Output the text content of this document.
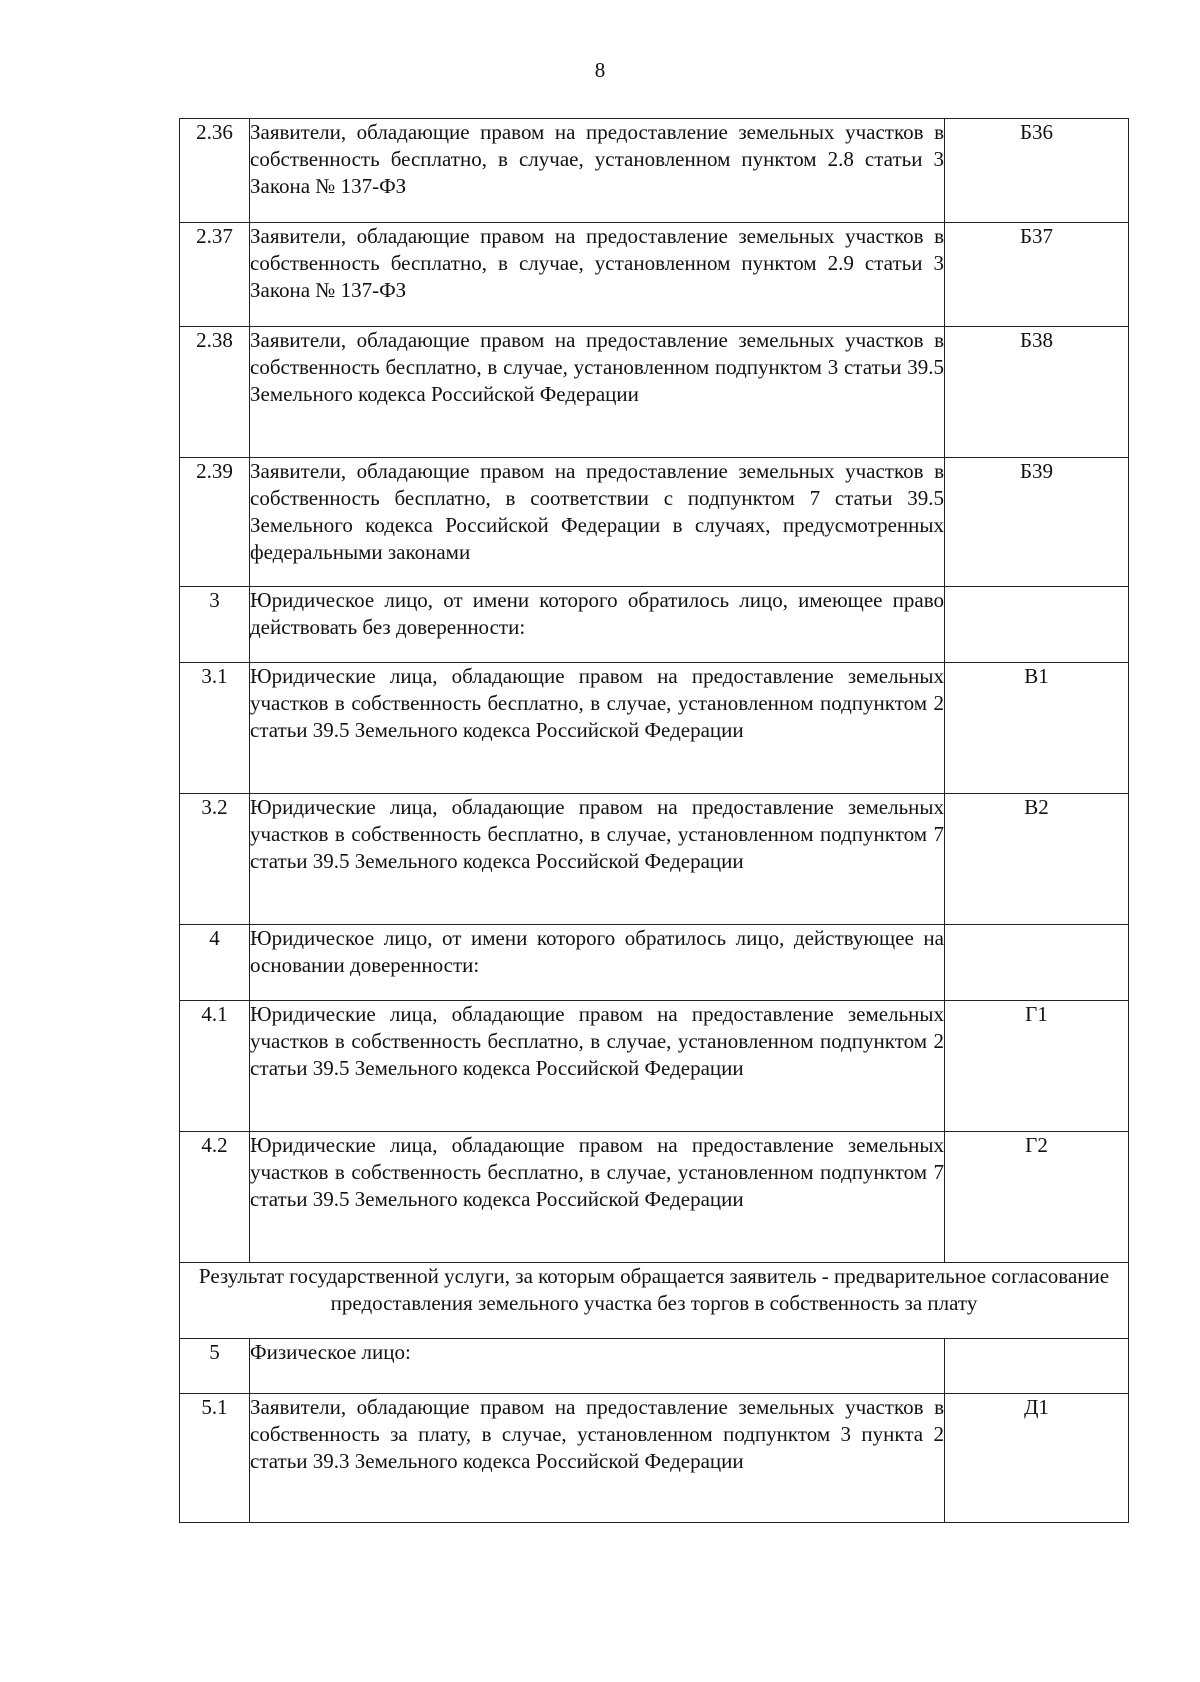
8
2.36	Заявители, обладающие правом на предоставление земельных участков в собственность бесплатно, в случае, установленном пунктом 2.8 статьи 3 Закона № 137-ФЗ	Б36
2.37	Заявители, обладающие правом на предоставление земельных участков в собственность бесплатно, в случае, установленном пунктом 2.9 статьи 3 Закона № 137-ФЗ	Б37
2.38	Заявители, обладающие правом на предоставление земельных участков в собственность бесплатно, в случае, установленном подпунктом 3 статьи 39.5 Земельного кодекса Российской Федерации	Б38
2.39	Заявители, обладающие правом на предоставление земельных участков в собственность бесплатно, в соответствии с подпунктом 7 статьи 39.5 Земельного кодекса Российской Федерации в случаях, предусмотренных федеральными законами	Б39
3	Юридическое лицо, от имени которого обратилось лицо, имеющее право действовать без доверенности:	
3.1	Юридические лица, обладающие правом на предоставление земельных участков в собственность бесплатно, в случае, установленном подпунктом 2 статьи 39.5 Земельного кодекса Российской Федерации	В1
3.2	Юридические лица, обладающие правом на предоставление земельных участков в собственность бесплатно, в случае, установленном подпунктом 7 статьи 39.5 Земельного кодекса Российской Федерации	В2
4	Юридическое лицо, от имени которого обратилось лицо, действующее на основании доверенности:	
4.1	Юридические лица, обладающие правом на предоставление земельных участков в собственность бесплатно, в случае, установленном подпунктом 2 статьи 39.5 Земельного кодекса Российской Федерации	Г1
4.2	Юридические лица, обладающие правом на предоставление земельных участков в собственность бесплатно, в случае, установленном подпунктом 7 статьи 39.5 Земельного кодекса Российской Федерации	Г2
Результат государственной услуги, за которым обращается заявитель - предварительное согласование предоставления земельного участка без торгов в собственность за плату		
5	Физическое лицо:	
5.1	Заявители, обладающие правом на предоставление земельных участков в собственность за плату, в случае, установленном подпунктом 3 пункта 2 статьи 39.3 Земельного кодекса Российской Федерации	Д1
